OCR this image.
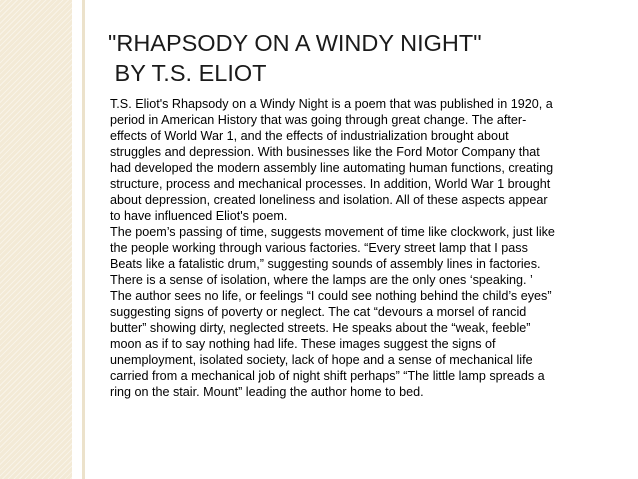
"RHAPSODY ON A WINDY NIGHT"
BY T.S. ELIOT
T.S. Eliot's Rhapsody on a Windy Night is a poem that was published in 1920, a
period in American History that was going through great change. The after-
effects of World War 1, and the effects of industrialization brought about
struggles and depression. With businesses like the Ford Motor Company that
had developed the modern assembly line automating human functions, creating
structure, process and mechanical processes. In addition, World War 1 brought
about depression, created loneliness and isolation. All of these aspects appear
to have influenced Eliot's poem.
The poem’s passing of time, suggests movement of time like clockwork, just like
the people working through various factories. “Every street lamp that I pass
Beats like a fatalistic drum,” suggesting sounds of assembly lines in factories.
There is a sense of isolation, where the lamps are the only ones ‘speaking. ’
The author sees no life, or feelings “I could see nothing behind the child’s eyes”
suggesting signs of poverty or neglect. The cat “devours a morsel of rancid
butter” showing dirty, neglected streets. He speaks about the “weak, feeble”
moon as if to say nothing had life. These images suggest the signs of
unemployment, isolated society, lack of hope and a sense of mechanical life
carried from a mechanical job of night shift perhaps” “The little lamp spreads a
ring on the stair. Mount” leading the author home to bed.
